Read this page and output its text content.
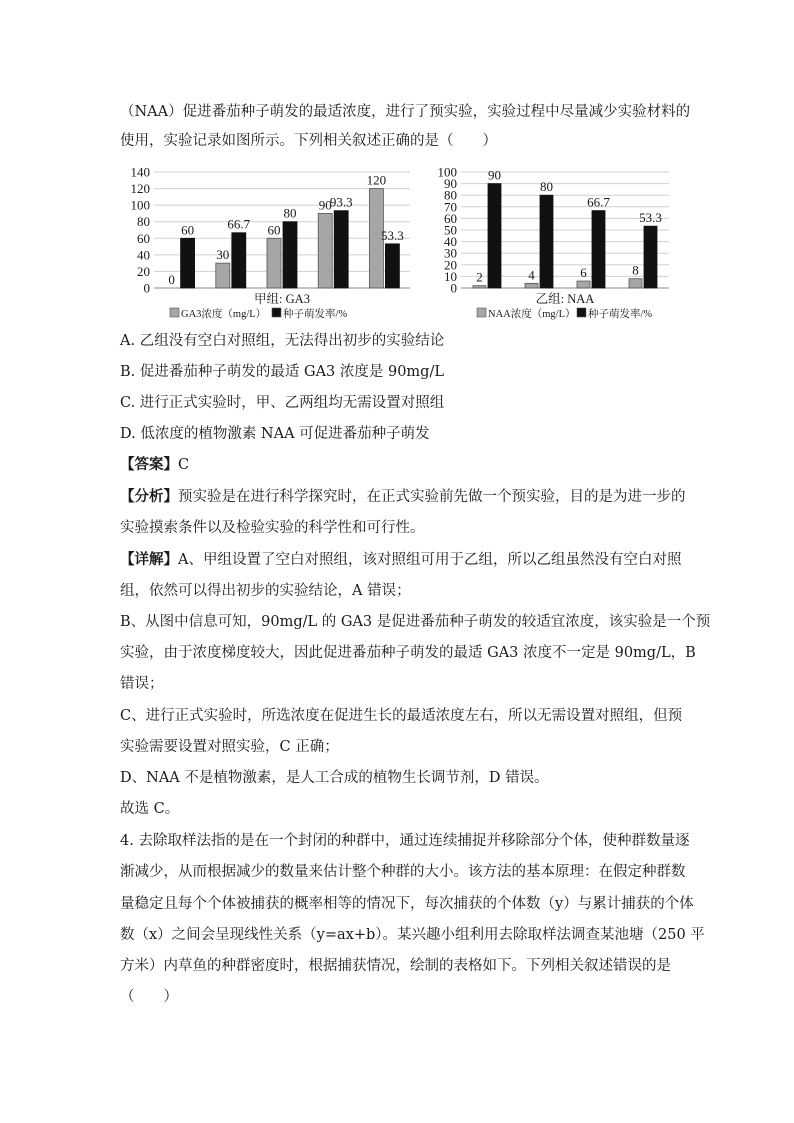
（NAA）促进番茄种子萌发的最适浓度，进行了预实验，实验过程中尽量减少实验材料的
使用，实验记录如图所示。下列相关叙述正确的是（　　）
0
20
40
60
80
100
120
140
0
60
30
66.7 60
80
90
93.3
120
53.3
甲组: GA3
GA3浓度（mg/L） 种子萌发率/%
0
10
20
30
40
50
60
70
80
90
100
2
90
4
80
6
66.7
8
53.3
乙组: NAA
NAA浓度（mg/L） 种子萌发率/%
A. 乙组没有空白对照组，无法得出初步的实验结论
B. 促进番茄种子萌发的最适 GA3 浓度是 90mg/L
C. 进行正式实验时，甲、乙两组均无需设置对照组
D. 低浓度的植物激素 NAA 可促进番茄种子萌发
【答案】C
【分析】预实验是在进行科学探究时，在正式实验前先做一个预实验，目的是为进一步的
实验摸索条件以及检验实验的科学性和可行性。
【详解】A、甲组设置了空白对照组，该对照组可用于乙组，所以乙组虽然没有空白对照
组，依然可以得出初步的实验结论，A 错误；
B、从图中信息可知，90mg/L 的 GA3 是促进番茄种子萌发的较适宜浓度，该实验是一个预
实验，由于浓度梯度较大，因此促进番茄种子萌发的最适 GA3 浓度不一定是 90mg/L，B
错误；
C、进行正式实验时，所选浓度在促进生长的最适浓度左右，所以无需设置对照组，但预
实验需要设置对照实验，C 正确；
D、NAA 不是植物激素，是人工合成的植物生长调节剂，D 错误。
故选 C。
4. 去除取样法指的是在一个封闭的种群中，通过连续捕捉并移除部分个体，使种群数量逐
渐减少，从而根据减少的数量来估计整个种群的大小。该方法的基本原理：在假定种群数
量稳定且每个个体被捕获的概率相等的情况下，每次捕获的个体数（y）与累计捕获的个体
数（x）之间会呈现线性关系（y=ax+b）。某兴趣小组利用去除取样法调查某池塘（250 平
方米）内草鱼的种群密度时，根据捕获情况，绘制的表格如下。下列相关叙述错误的是
（　　）
